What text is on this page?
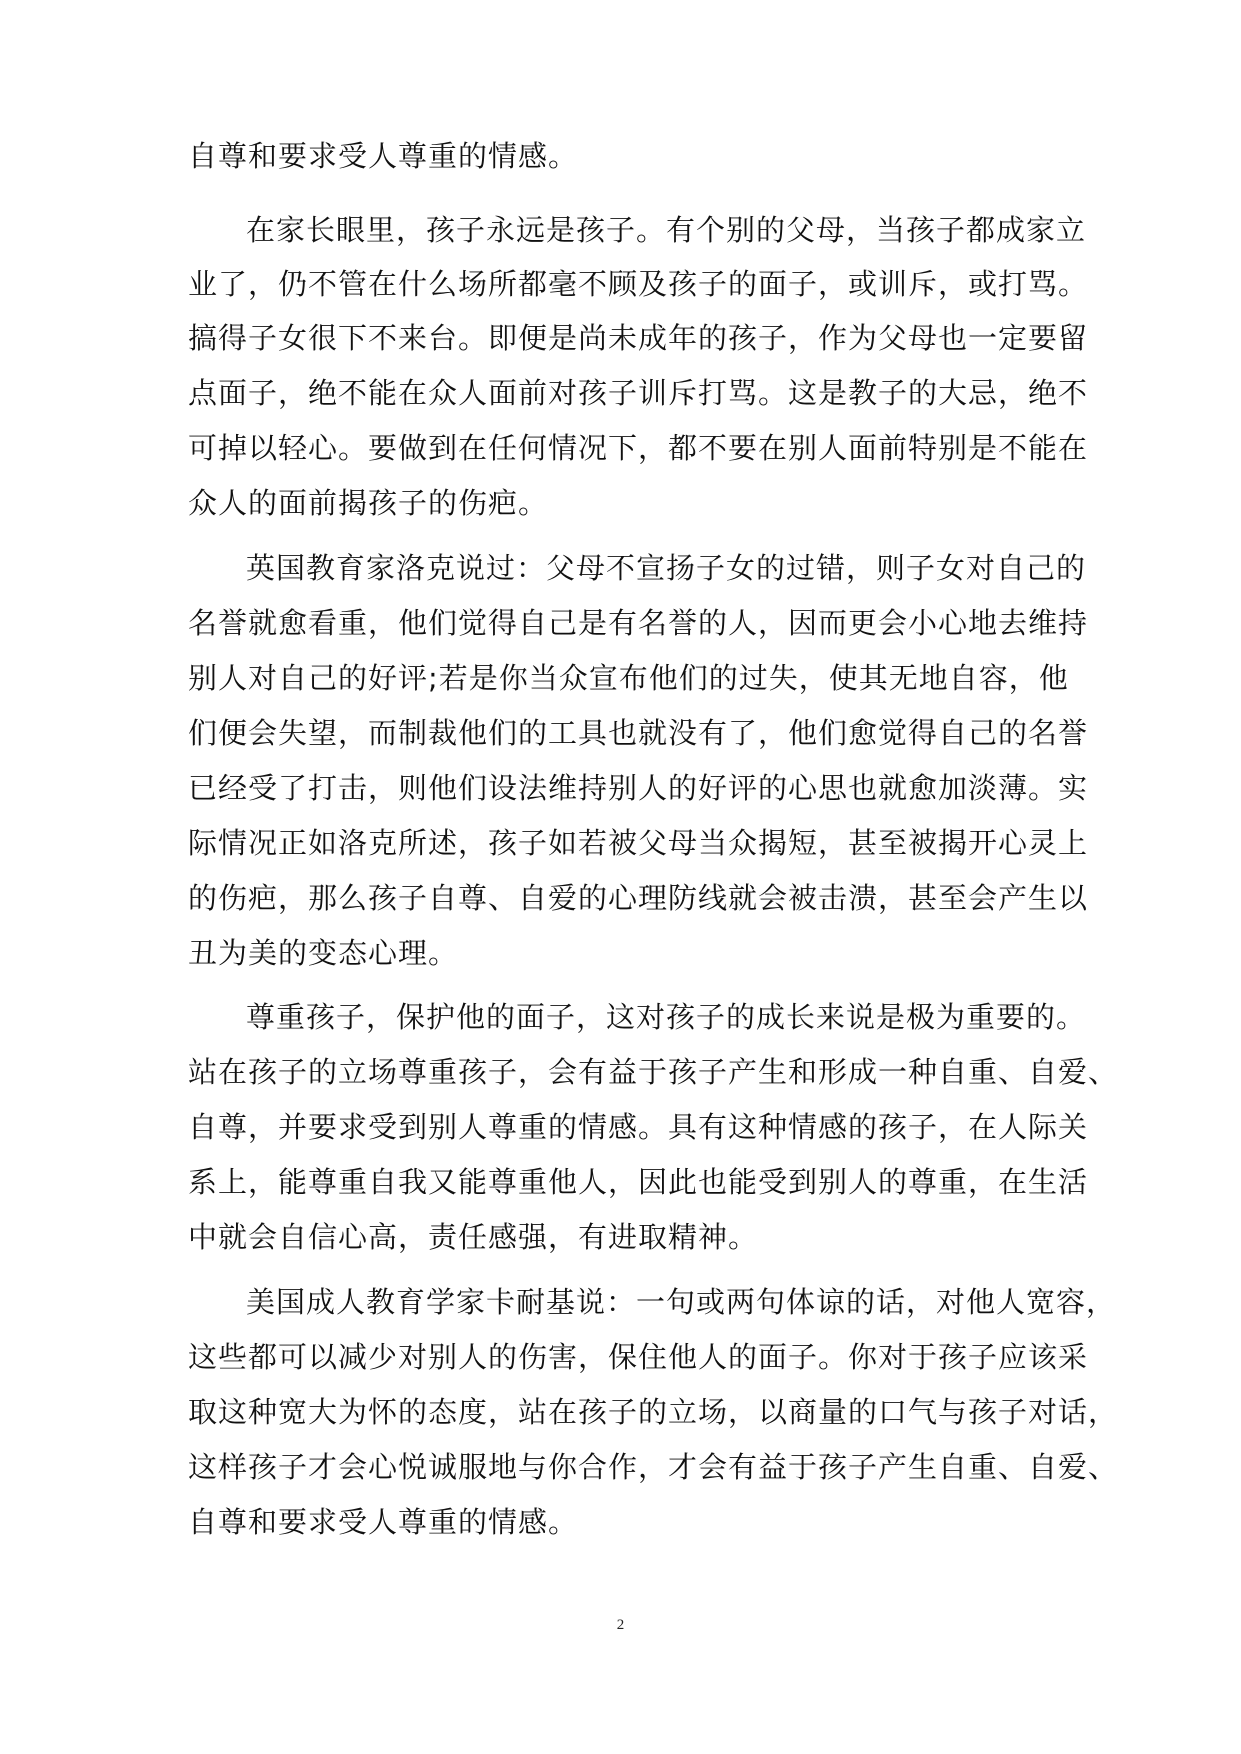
自尊和要求受人尊重的情感。
在家长眼里，孩子永远是孩子。有个别的父母，当孩子都成家立
业了，仍不管在什么场所都毫不顾及孩子的面子，或训斥，或打骂。
搞得子女很下不来台。即便是尚未成年的孩子，作为父母也一定要留
点面子，绝不能在众人面前对孩子训斥打骂。这是教子的大忌，绝不
可掉以轻心。要做到在任何情况下，都不要在别人面前特别是不能在
众人的面前揭孩子的伤疤。
英国教育家洛克说过：父母不宣扬子女的过错，则子女对自己的
名誉就愈看重，他们觉得自己是有名誉的人，因而更会小心地去维持
别人对自己的好评;若是你当众宣布他们的过失，使其无地自容，他
们便会失望，而制裁他们的工具也就没有了，他们愈觉得自己的名誉
已经受了打击，则他们设法维持别人的好评的心思也就愈加淡薄。实
际情况正如洛克所述，孩子如若被父母当众揭短，甚至被揭开心灵上
的伤疤，那么孩子自尊、自爱的心理防线就会被击溃，甚至会产生以
丑为美的变态心理。
尊重孩子，保护他的面子，这对孩子的成长来说是极为重要的。
站在孩子的立场尊重孩子，会有益于孩子产生和形成一种自重、自爱、
自尊，并要求受到别人尊重的情感。具有这种情感的孩子，在人际关
系上，能尊重自我又能尊重他人，因此也能受到别人的尊重，在生活
中就会自信心高，责任感强，有进取精神。
美国成人教育学家卡耐基说：一句或两句体谅的话，对他人宽容，
这些都可以减少对别人的伤害，保住他人的面子。你对于孩子应该采
取这种宽大为怀的态度，站在孩子的立场，以商量的口气与孩子对话，
这样孩子才会心悦诚服地与你合作，才会有益于孩子产生自重、自爱、
自尊和要求受人尊重的情感。
2
